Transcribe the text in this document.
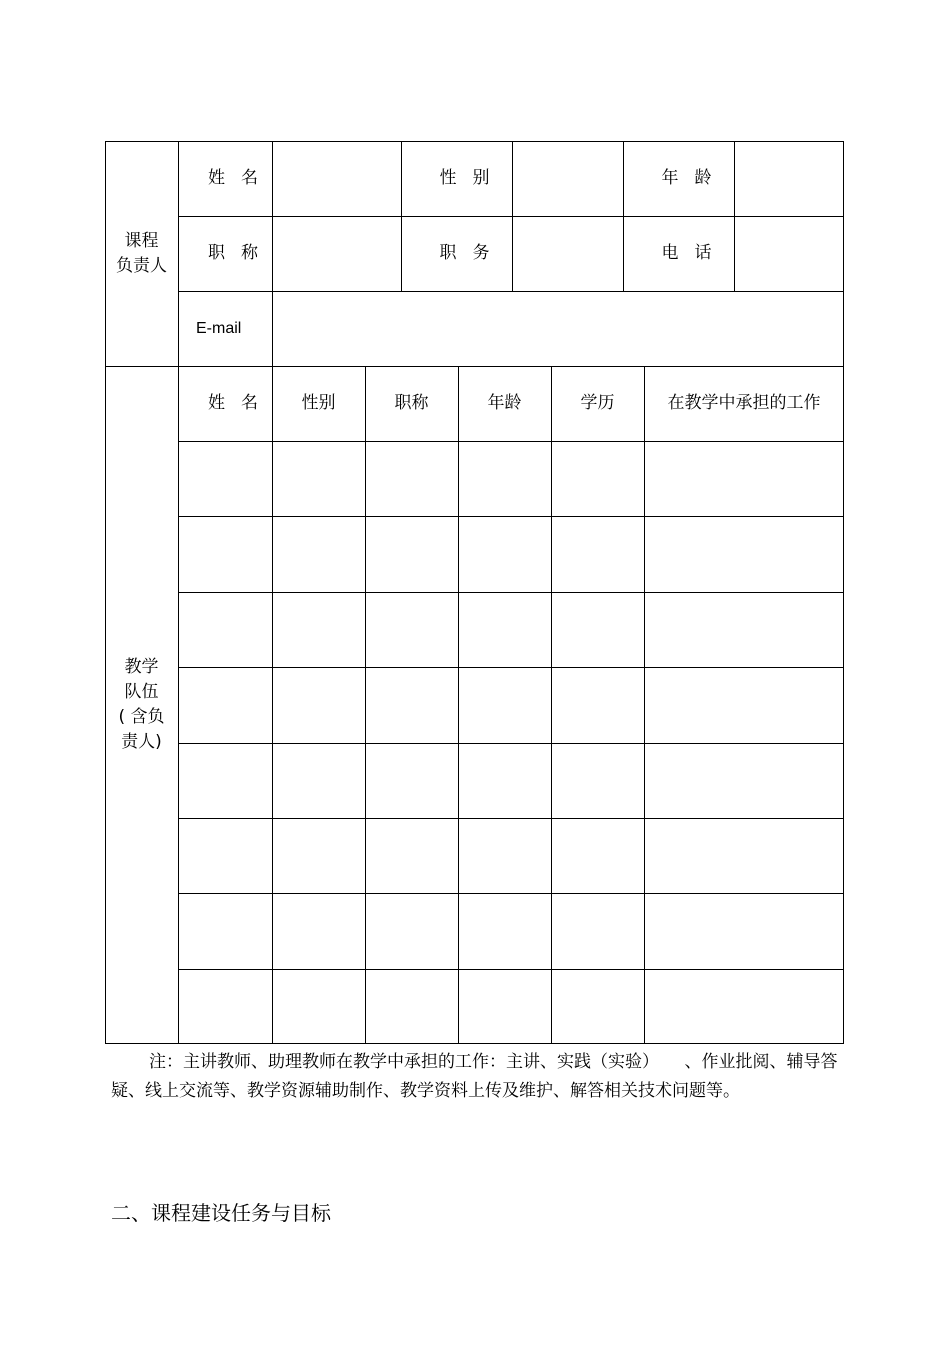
课程
负责人
姓名	性别	年龄
职称	职务	电话
E-mail
教学
队伍
( 含负
责人)
姓名	性别	职称	年龄	学历	在教学中承担的工作
注：主讲教师、助理教师在教学中承担的工作：主讲、实践（实验）　　、作业批阅、辅导答疑、线上交流等、教学资源辅助制作、教学资料上传及维护、解答相关技术问题等。
二、课程建设任务与目标
